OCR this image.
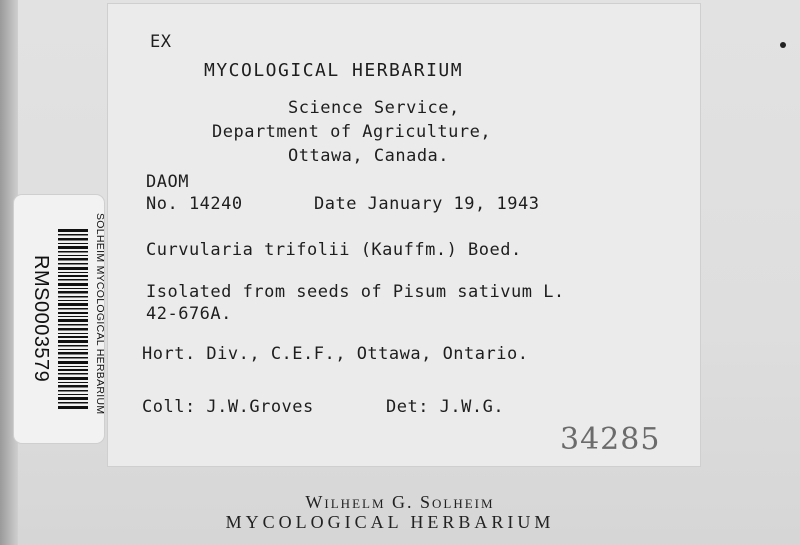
EX
MYCOLOGICAL HERBARIUM
Science Service,
Department of Agriculture,
Ottawa, Canada.
DAOM
No. 14240	Date January 19, 1943
Curvularia trifolii (Kauffm.) Boed.
Isolated from seeds of Pisum sativum L.
42-676A.
Hort. Div., C.E.F., Ottawa, Ontario.
Coll: J.W.Groves	Det: J.W.G.
34285
SOLHEIM MYCOLOGICAL HERBARIUM
RMS0003579
Wilhelm G. Solheim
MYCOLOGICAL HERBARIUM
